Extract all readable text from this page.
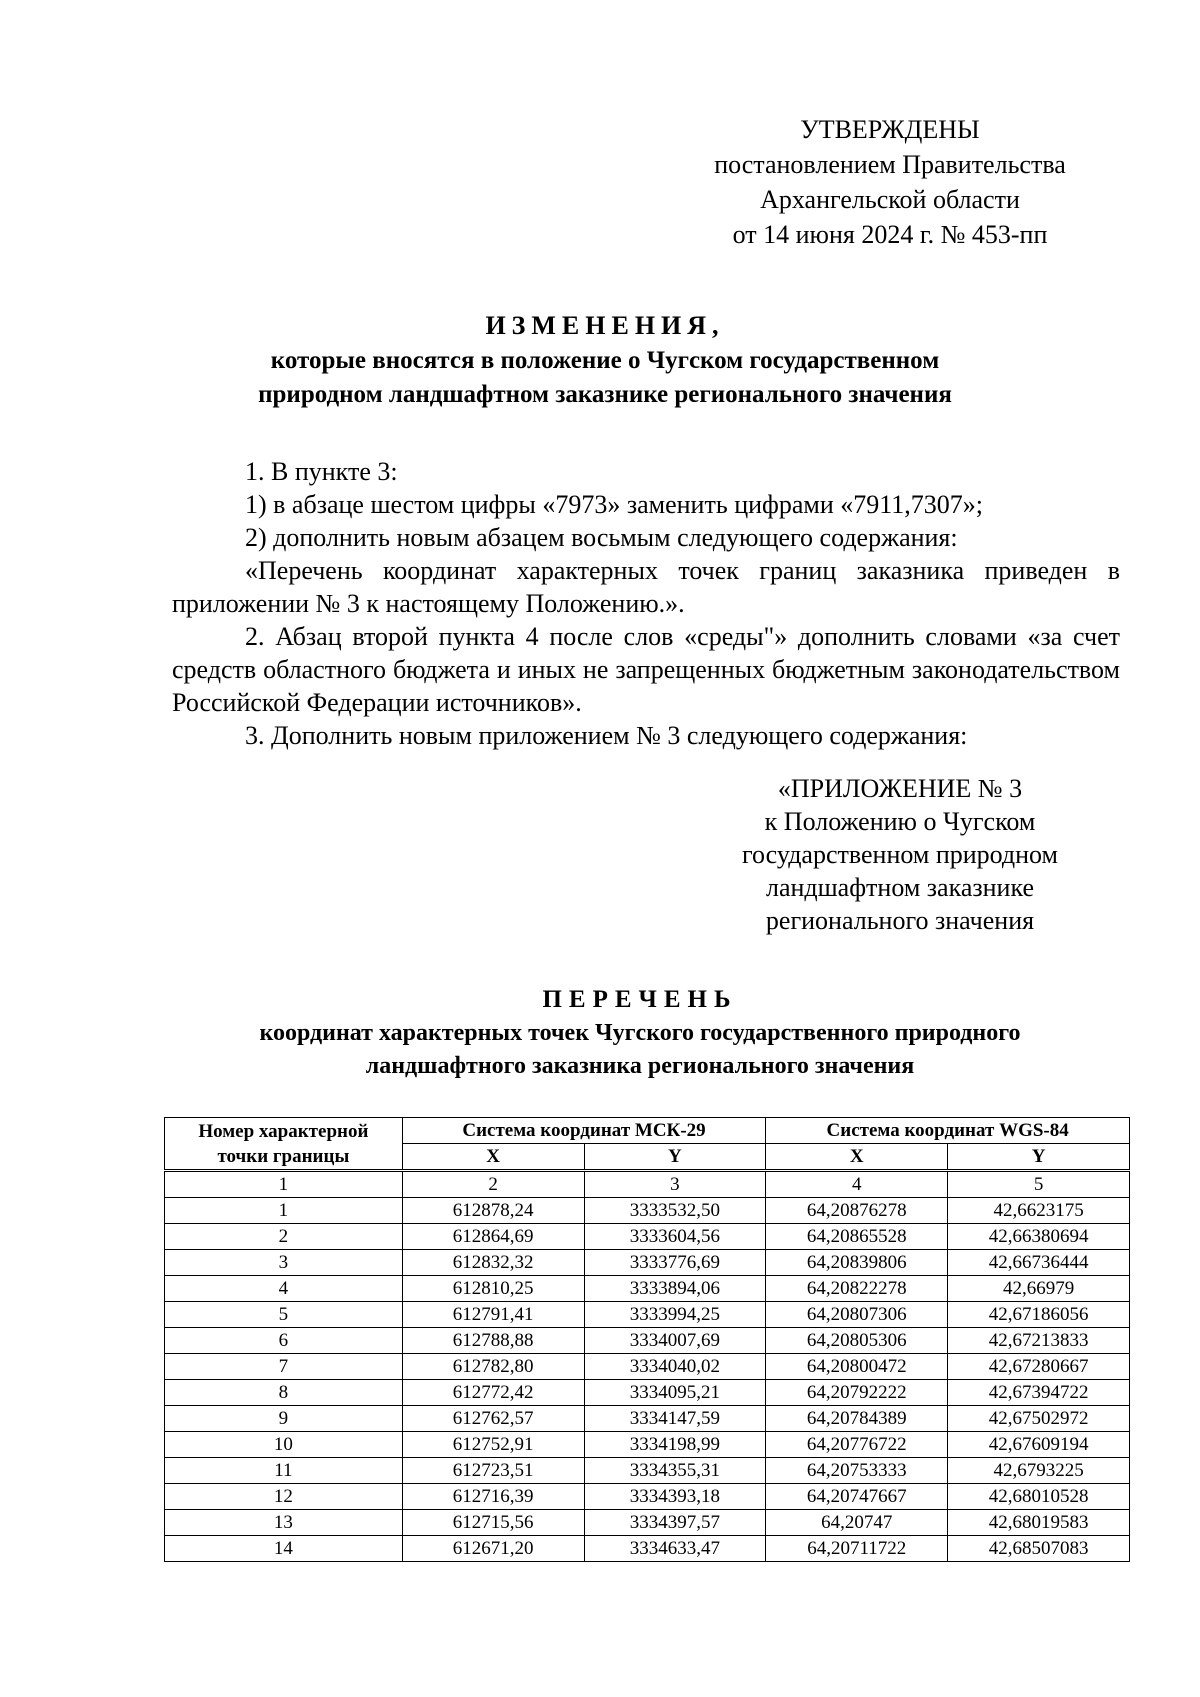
УТВЕРЖДЕНЫ
постановлением Правительства
Архангельской области
от 14 июня 2024 г. № 453-пп
ИЗМЕНЕНИЯ,
которые вносятся в положение о Чугском государственном
природном ландшафтном заказнике регионального значения

1. В пункте 3:

1) в абзаце шестом цифры «7973» заменить цифрами «7911,7307»;

2) дополнить новым абзацем восьмым следующего содержания:

«Перечень координат характерных точек границ заказника приведен в приложении № 3 к настоящему Положению.».

2. Абзац второй пункта 4 после слов «среды"» дополнить словами «за счет средств областного бюджета и иных не запрещенных бюджетным законодательством Российской Федерации источников».

3. Дополнить новым приложением № 3 следующего содержания:

«ПРИЛОЖЕНИЕ № 3
к Положению о Чугском
государственном природном
ландшафтном заказнике
регионального значения
ПЕРЕЧЕНЬ
координат характерных точек Чугского государственного природного
ландшафтного заказника регионального значения
Номер характерной
точки границы	Система координат МСК-29		Система координат WGS-84	
	X	Y	X	Y
1	2	3	4	5
1	612878,24	3333532,50	64,20876278	42,6623175
2	612864,69	3333604,56	64,20865528	42,66380694
3	612832,32	3333776,69	64,20839806	42,66736444
4	612810,25	3333894,06	64,20822278	42,66979
5	612791,41	3333994,25	64,20807306	42,67186056
6	612788,88	3334007,69	64,20805306	42,67213833
7	612782,80	3334040,02	64,20800472	42,67280667
8	612772,42	3334095,21	64,20792222	42,67394722
9	612762,57	3334147,59	64,20784389	42,67502972
10	612752,91	3334198,99	64,20776722	42,67609194
11	612723,51	3334355,31	64,20753333	42,6793225
12	612716,39	3334393,18	64,20747667	42,68010528
13	612715,56	3334397,57	64,20747	42,68019583
14	612671,20	3334633,47	64,20711722	42,68507083
